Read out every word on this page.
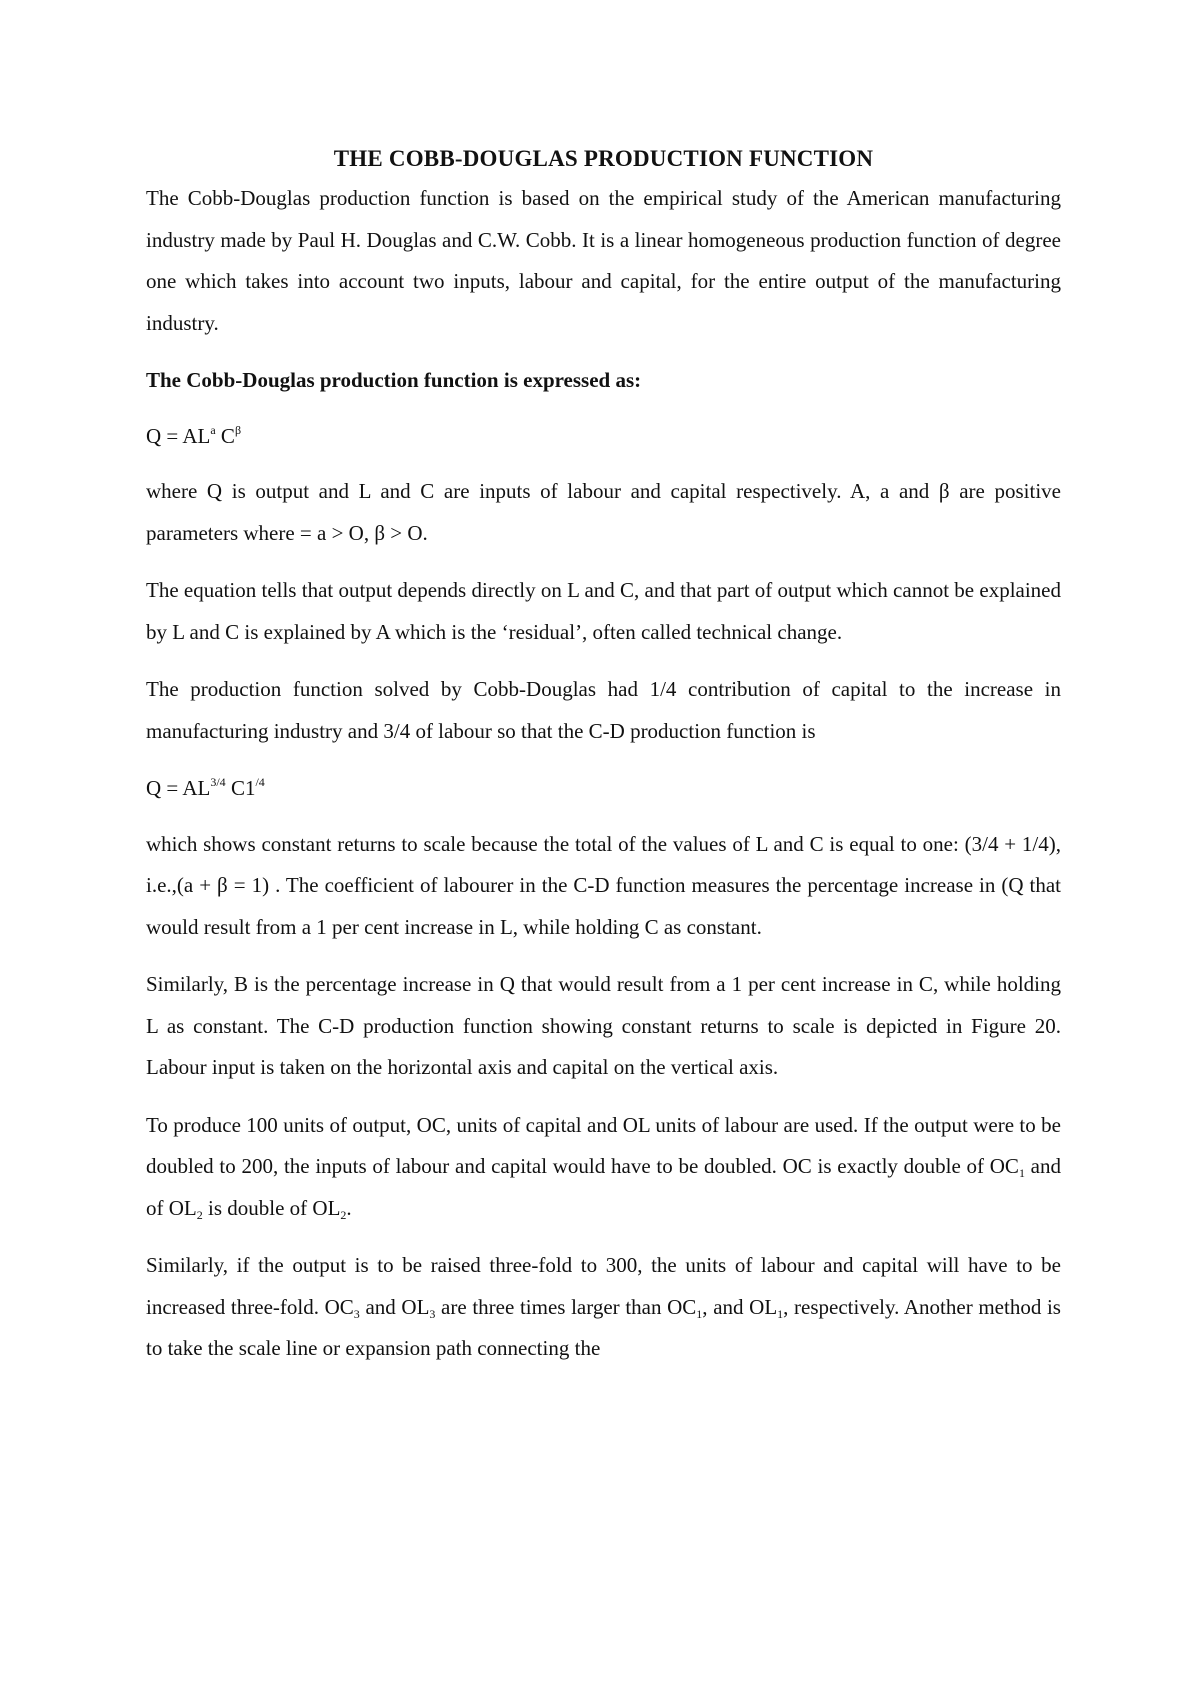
THE COBB-DOUGLAS PRODUCTION FUNCTION

The Cobb-Douglas production function is based on the empirical study of the American manufacturing industry made by Paul H. Douglas and C.W. Cobb. It is a linear homogeneous production function of degree one which takes into account two inputs, labour and capital, for the entire output of the manufacturing industry.

The Cobb-Douglas production function is expressed as:

$Q = AL^a$ $C^\beta$

where Q is output and L and C are inputs of labour and capital respectively. A, a and β are positive parameters where = a > O, β > O.

The equation tells that output depends directly on L and C, and that part of output which cannot be explained by L and C is explained by A which is the ‘residual’, often called technical change.

The production function solved by Cobb-Douglas had 1/4 contribution of capital to the increase in manufacturing industry and 3/4 of labour so that the C-D production function is

$Q = AL^{3/4}$ $C1^{/4}$

which shows constant returns to scale because the total of the values of L and C is equal to one: (3/4 + 1/4), i.e.,(a + β = 1) . The coefficient of labourer in the C-D function measures the percentage increase in (Q that would result from a 1 per cent increase in L, while holding C as constant.

Similarly, B is the percentage increase in Q that would result from a 1 per cent increase in C, while holding L as constant. The C-D production function showing constant returns to scale is depicted in Figure 20. Labour input is taken on the horizontal axis and capital on the vertical axis.

To produce 100 units of output, OC, units of capital and OL units of labour are used. If the output were to be doubled to 200, the inputs of labour and capital would have to be doubled. OC is exactly double of $OC_1$ and of $OL_2$ is double of $OL_2$.

Similarly, if the output is to be raised three-fold to 300, the units of labour and capital will have to be increased three-fold. $OC_3$ and $OL_3$ are three times larger than $OC_1$, and $OL_1$, respectively. Another method is to take the scale line or expansion path connecting the
